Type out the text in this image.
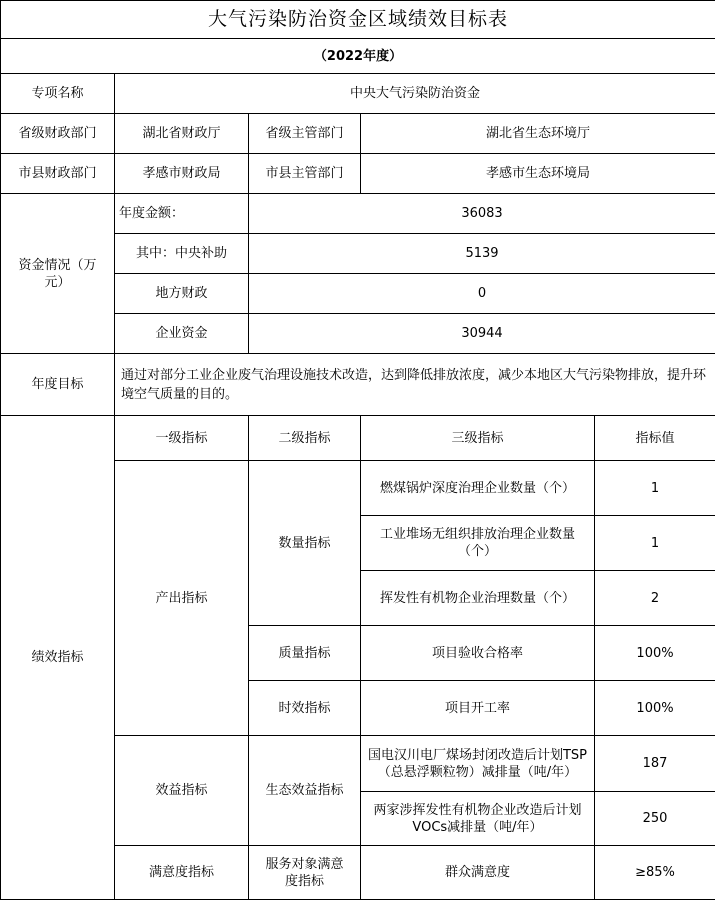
大气污染防治资金区域绩效目标表				
（2022年度）				
专项名称	中央大气污染防治资金			
省级财政部门	湖北省财政厅	省级主管部门	湖北省生态环境厅	
市县财政部门	孝感市财政局	市县主管部门	孝感市生态环境局	
资金情况（万元）	年度金额：	36083		
	其中：中央补助	5139		
	地方财政	0		
	企业资金	30944		
年度目标	通过对部分工业企业废气治理设施技术改造，达到降低排放浓度，减少本地区大气污染物排放，提升环境空气质量的目的。			
绩效指标	一级指标	二级指标	三级指标	指标值
	产出指标	数量指标	燃煤锅炉深度治理企业数量（个）	1
			工业堆场无组织排放治理企业数量（个）	1
			挥发性有机物企业治理数量（个）	2
		质量指标	项目验收合格率	100%
		时效指标	项目开工率	100%
	效益指标	生态效益指标	国电汉川电厂煤场封闭改造后计划TSP（总悬浮颗粒物）减排量（吨/年）	187
			两家涉挥发性有机物企业改造后计划VOCs减排量（吨/年）	250
	满意度指标	服务对象满意度指标	群众满意度	≥85%
